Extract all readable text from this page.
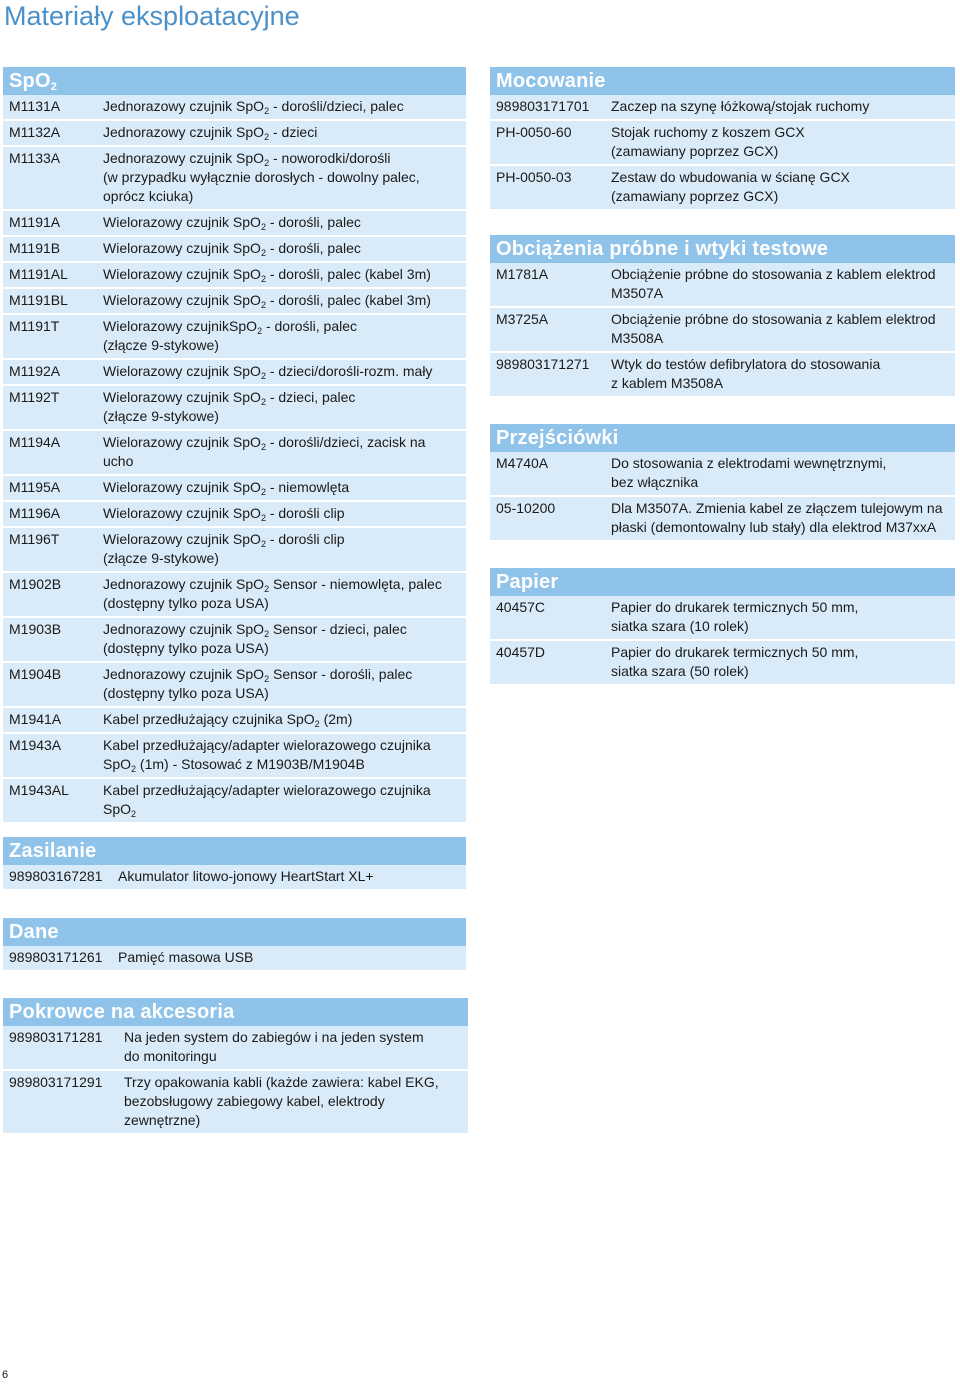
Materiały eksploatacyjne
SpO$_2$
M1131A	Jednorazowy czujnik SpO$_2$ - dorośli/dzieci, palec
M1132A	Jednorazowy czujnik SpO$_2$ - dzieci
M1133A	Jednorazowy czujnik SpO$_2$ - noworodki/dorośli
(w przypadku wyłącznie dorosłych - dowolny palec, oprócz kciuka)
M1191A	Wielorazowy czujnik SpO$_2$ - dorośli, palec
M1191B	Wielorazowy czujnik SpO$_2$ - dorośli, palec
M1191AL	Wielorazowy czujnik SpO$_2$ - dorośli, palec (kabel 3m)
M1191BL	Wielorazowy czujnik SpO$_2$ - dorośli, palec (kabel 3m)
M1191T	Wielorazowy czujnikSpO$_2$ - dorośli, palec
(złącze 9-stykowe)
M1192A	Wielorazowy czujnik SpO$_2$ - dzieci/dorośli-rozm. mały
M1192T	Wielorazowy czujnik SpO$_2$ - dzieci, palec
(złącze 9-stykowe)
M1194A	Wielorazowy czujnik SpO$_2$ - dorośli/dzieci, zacisk na
ucho
M1195A	Wielorazowy czujnik SpO$_2$ - niemowlęta
M1196A	Wielorazowy czujnik SpO$_2$ - dorośli clip
M1196T	Wielorazowy czujnik SpO$_2$ - dorośli clip
(złącze 9-stykowe)
M1902B	Jednorazowy czujnik SpO$_2$ Sensor - niemowlęta, palec
(dostępny tylko poza USA)
M1903B	Jednorazowy czujnik SpO$_2$ Sensor - dzieci, palec
(dostępny tylko poza USA)
M1904B	Jednorazowy czujnik SpO$_2$ Sensor - dorośli, palec
(dostępny tylko poza USA)
M1941A	Kabel przedłużający czujnika SpO$_2$ (2m)
M1943A	Kabel przedłużający/adapter wielorazowego czujnika
SpO$_2$ (1m) - Stosować z M1903B/M1904B
M1943AL	Kabel przedłużający/adapter wielorazowego czujnika
SpO$_2$
Mocowanie
989803171701	Zaczep na szynę łóżkową/stojak ruchomy
PH-0050-60	Stojak ruchomy z koszem GCX
(zamawiany poprzez GCX)
PH-0050-03	Zestaw do wbudowania w ścianę GCX
(zamawiany poprzez GCX)
Obciążenia próbne i wtyki testowe
M1781A	Obciążenie próbne do stosowania z kablem elektrod
M3507A
M3725A	Obciążenie próbne do stosowania z kablem elektrod
M3508A
989803171271	Wtyk do testów defibrylatora do stosowania
z kablem M3508A
Przejściówki
M4740A	Do stosowania z elektrodami wewnętrznymi,
bez włącznika
05-10200	Dla M3507A. Zmienia kabel ze złączem tulejowym na
płaski (demontowalny lub stały) dla elektrod M37xxA
Papier
40457C	Papier do drukarek termicznych 50 mm,
siatka szara (10 rolek)
40457D	Papier do drukarek termicznych 50 mm,
siatka szara (50 rolek)
Zasilanie
989803167281	Akumulator litowo-jonowy HeartStart XL+
Dane
989803171261	Pamięć masowa USB
Pokrowce na akcesoria
989803171281	Na jeden system do zabiegów i na jeden system
do monitoringu
989803171291	Trzy opakowania kabli (każde zawiera: kabel EKG,
bezobsługowy zabiegowy kabel, elektrody zewnętrzne)
6
